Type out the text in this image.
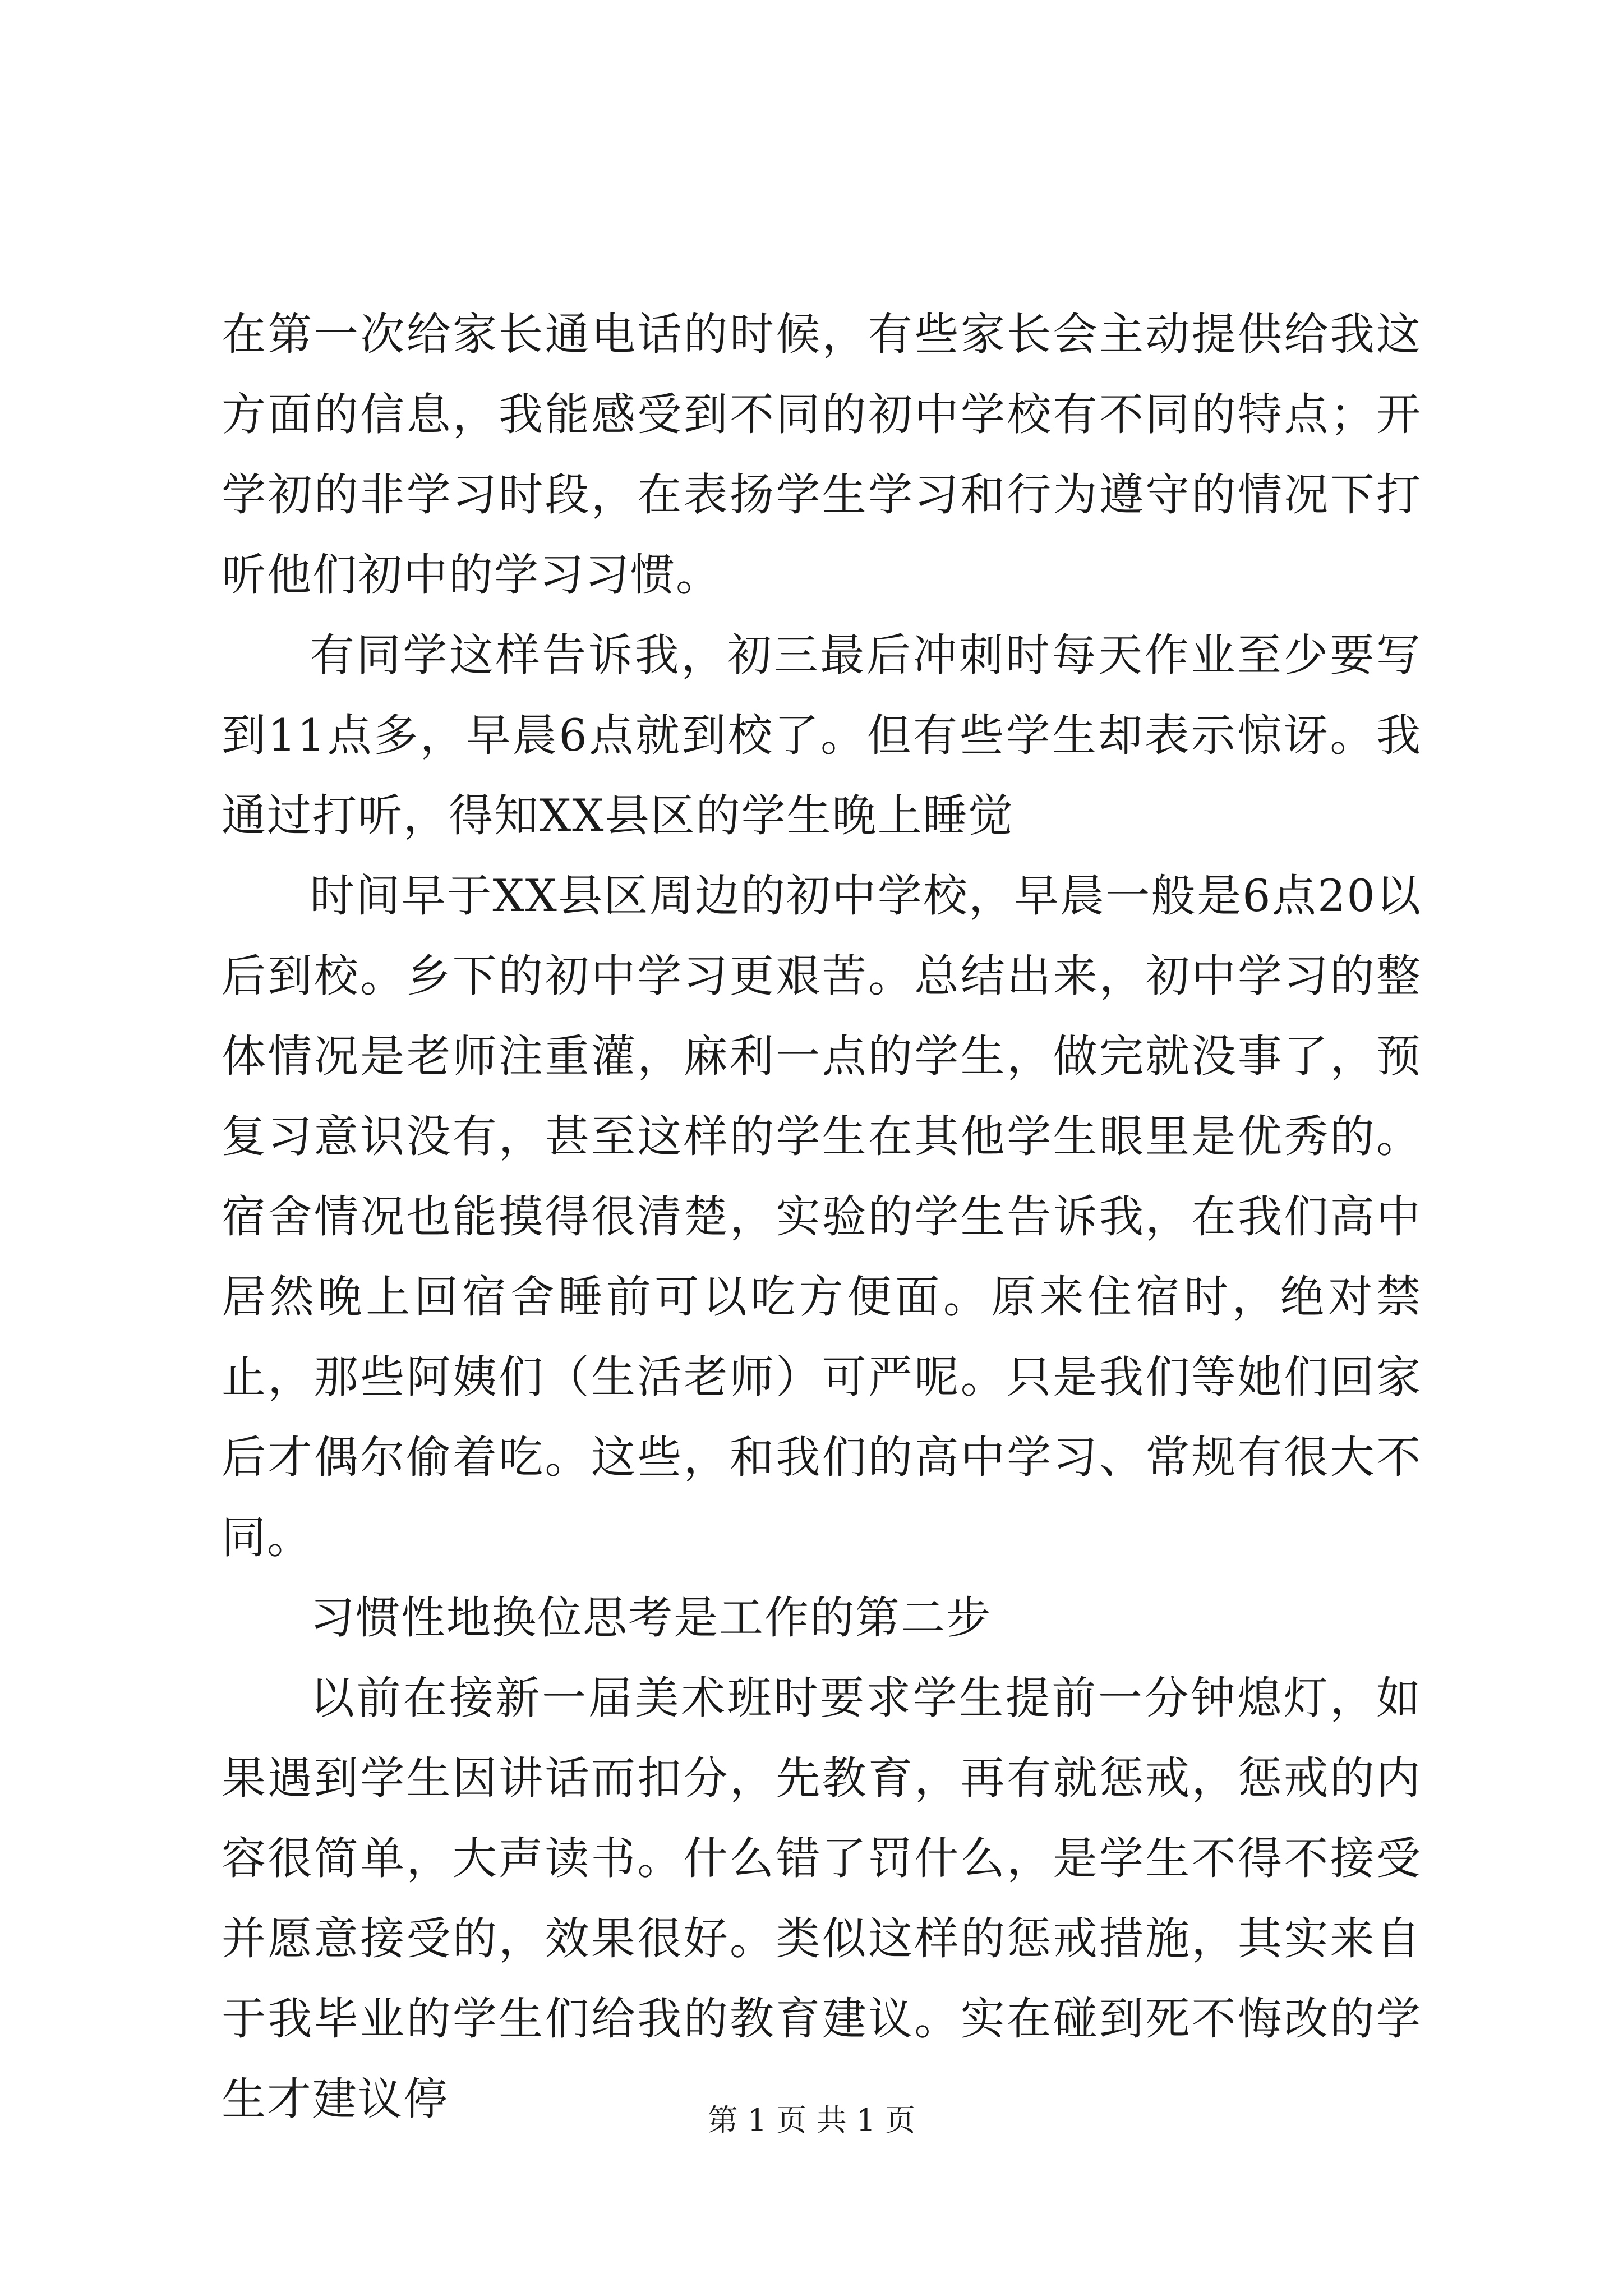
在第一次给家长通电话的时候，有些家长会主动提供给我这方面的信息，我能感受到不同的初中学校有不同的特点；开学初的非学习时段，在表扬学生学习和行为遵守的情况下打听他们初中的学习习惯。

有同学这样告诉我，初三最后冲刺时每天作业至少要写到11点多，早晨6点就到校了。但有些学生却表示惊讶。我通过打听，得知XX县区的学生晚上睡觉

时间早于XX县区周边的初中学校，早晨一般是6点20以后到校。乡下的初中学习更艰苦。总结出来，初中学习的整体情况是老师注重灌，麻利一点的学生，做完就没事了，预复习意识没有，甚至这样的学生在其他学生眼里是优秀的。宿舍情况也能摸得很清楚，实验的学生告诉我，在我们高中居然晚上回宿舍睡前可以吃方便面。原来住宿时，绝对禁止，那些阿姨们（生活老师）可严呢。只是我们等她们回家后才偶尔偷着吃。这些，和我们的高中学习、常规有很大不同。

习惯性地换位思考是工作的第二步

以前在接新一届美术班时要求学生提前一分钟熄灯，如果遇到学生因讲话而扣分，先教育，再有就惩戒，惩戒的内容很简单，大声读书。什么错了罚什么，是学生不得不接受并愿意接受的，效果很好。类似这样的惩戒措施，其实来自于我毕业的学生们给我的教育建议。实在碰到死不悔改的学生才建议停	第 1 页 共 1 页
